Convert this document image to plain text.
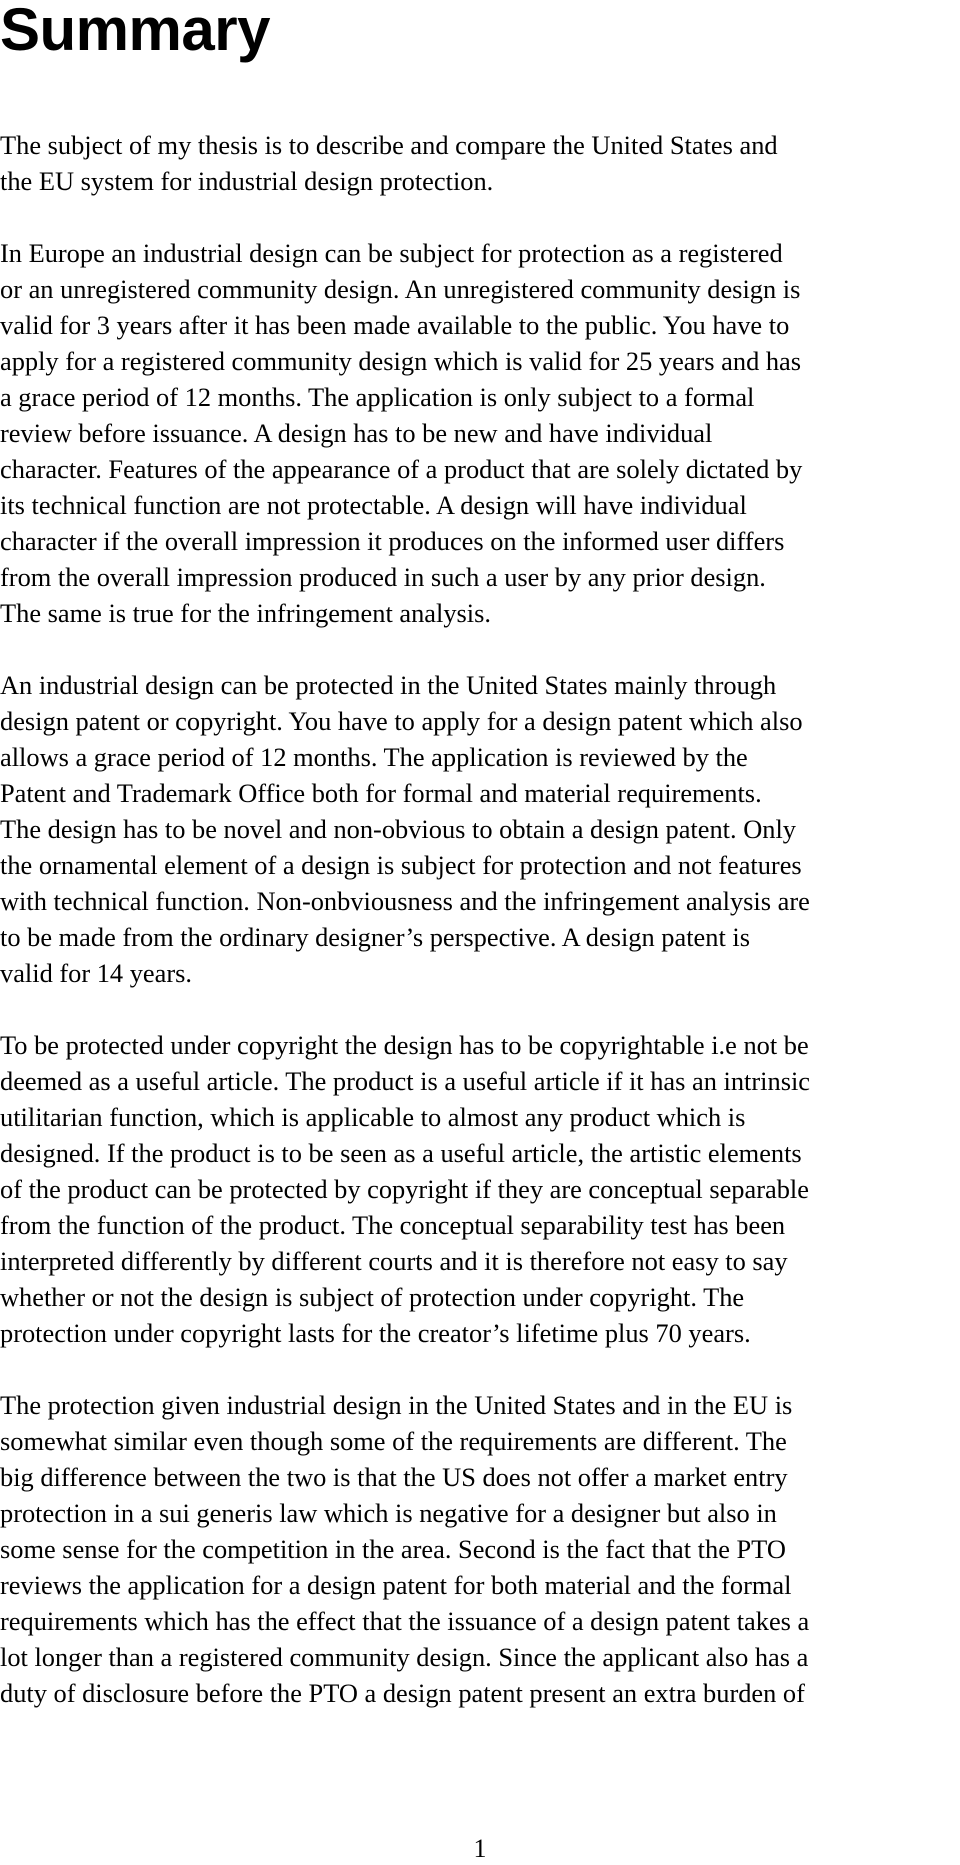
Summary
The subject of my thesis is to describe and compare the United States and
the EU system for industrial design protection.
In Europe an industrial design can be subject for protection as a registered
or an unregistered community design. An unregistered community design is
valid for 3 years after it has been made available to the public. You have to
apply for a registered community design which is valid for 25 years and has
a grace period of 12 months. The application is only subject to a formal
review before issuance. A design has to be new and have individual
character. Features of the appearance of a product that are solely dictated by
its technical function are not protectable. A design will have individual
character if the overall impression it produces on the informed user differs
from the overall impression produced in such a user by any prior design.
The same is true for the infringement analysis.
An industrial design can be protected in the United States mainly through
design patent or copyright. You have to apply for a design patent which also
allows a grace period of 12 months. The application is reviewed by the
Patent and Trademark Office both for formal and material requirements.
The design has to be novel and non-obvious to obtain a design patent. Only
the ornamental element of a design is subject for protection and not features
with technical function. Non-onbviousness and the infringement analysis are
to be made from the ordinary designer’s perspective. A design patent is
valid for 14 years.
To be protected under copyright the design has to be copyrightable i.e not be
deemed as a useful article. The product is a useful article if it has an intrinsic
utilitarian function, which is applicable to almost any product which is
designed. If the product is to be seen as a useful article, the artistic elements
of the product can be protected by copyright if they are conceptual separable
from the function of the product. The conceptual separability test has been
interpreted differently by different courts and it is therefore not easy to say
whether or not the design is subject of protection under copyright. The
protection under copyright lasts for the creator’s lifetime plus 70 years.
The protection given industrial design in the United States and in the EU is
somewhat similar even though some of the requirements are different. The
big difference between the two is that the US does not offer a market entry
protection in a sui generis law which is negative for a designer but also in
some sense for the competition in the area. Second is the fact that the PTO
reviews the application for a design patent for both material and the formal
requirements which has the effect that the issuance of a design patent takes a
lot longer than a registered community design. Since the applicant also has a
duty of disclosure before the PTO a design patent present an extra burden of
1
